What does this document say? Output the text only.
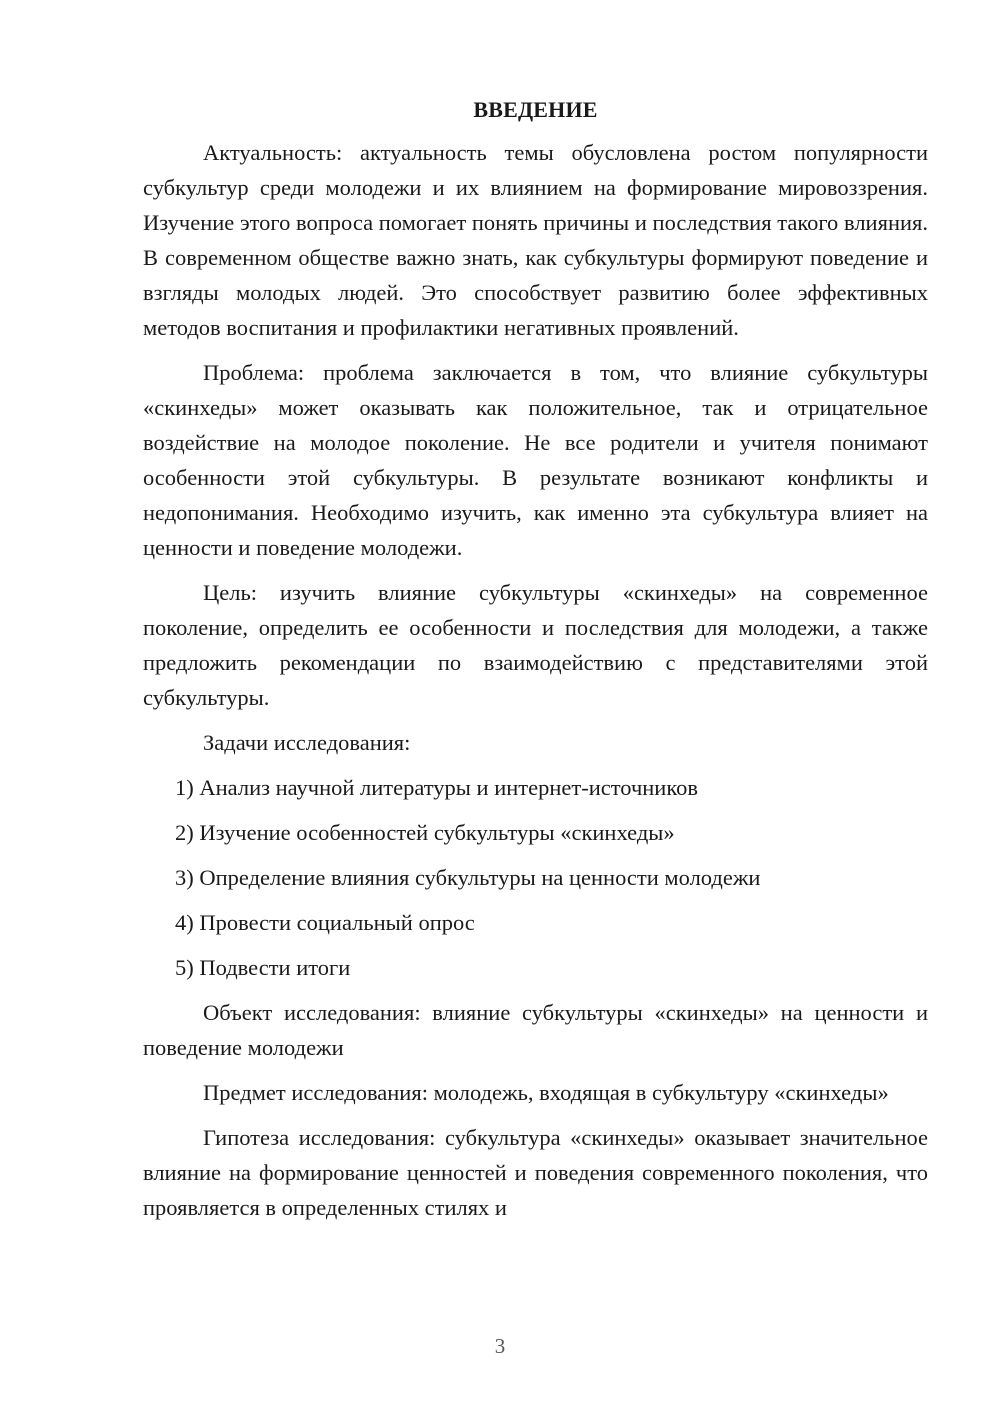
ВВЕДЕНИЕ

Актуальность: актуальность темы обусловлена ростом популярности субкультур среди молодежи и их влиянием на формирование мировоззрения. Изучение этого вопроса помогает понять причины и последствия такого влияния. В современном обществе важно знать, как субкультуры формируют поведение и взгляды молодых людей. Это способствует развитию более эффективных методов воспитания и профилактики негативных проявлений.

Проблема: проблема заключается в том, что влияние субкультуры «скинхеды» может оказывать как положительное, так и отрицательное воздействие на молодое поколение. Не все родители и учителя понимают особенности этой субкультуры. В результате возникают конфликты и недопонимания. Необходимо изучить, как именно эта субкультура влияет на ценности и поведение молодежи.

Цель: изучить влияние субкультуры «скинхеды» на современное поколение, определить ее особенности и последствия для молодежи, а также предложить рекомендации по взаимодействию с представителями этой субкультуры.

Задачи исследования:

1) Анализ научной литературы и интернет-источников
2) Изучение особенностей субкультуры «скинхеды»
3) Определение влияния субкультуры на ценности молодежи
4) Провести социальный опрос
5) Подвести итоги

Объект исследования: влияние субкультуры «скинхеды» на ценности и поведение молодежи

Предмет исследования: молодежь, входящая в субкультуру «скинхеды»

Гипотеза исследования: субкультура «скинхеды» оказывает значительное влияние на формирование ценностей и поведения современного поколения, что проявляется в определенных стилях и

3
